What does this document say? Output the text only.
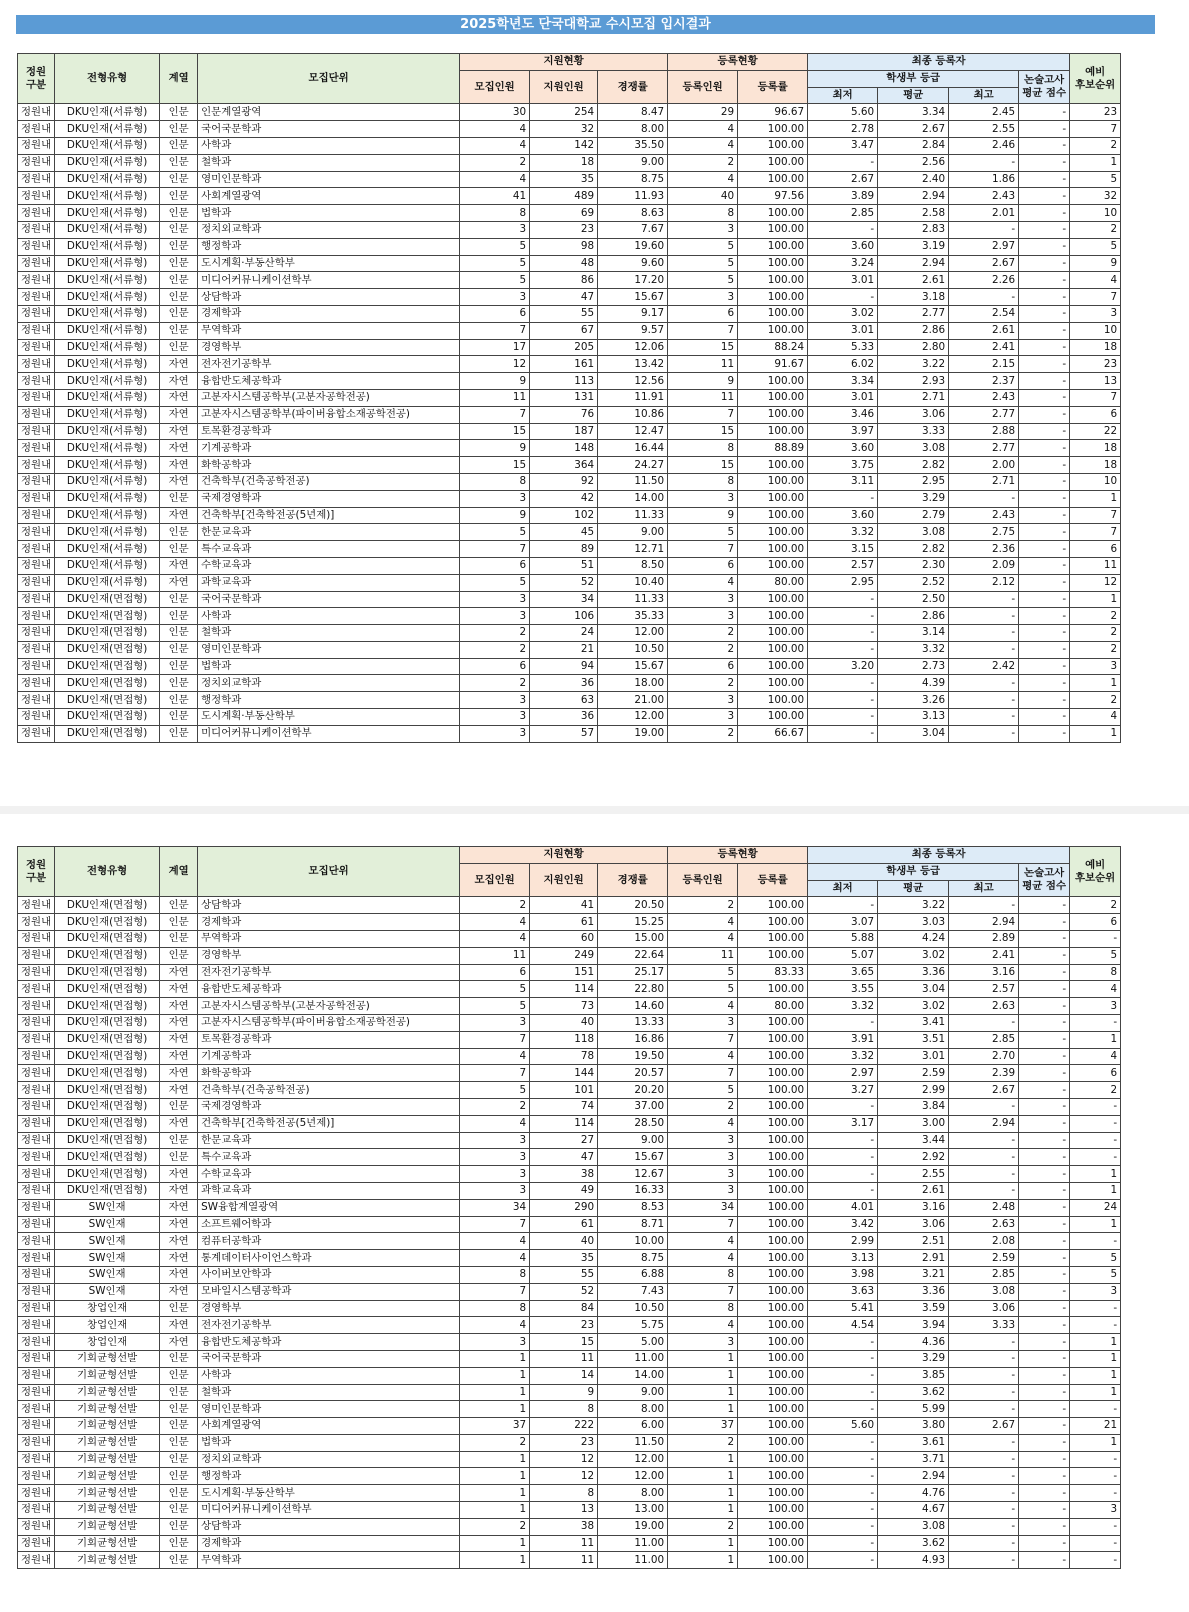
2025학년도 단국대학교 수시모집 입시결과
정원
구분	전형유형	계열	모집단위	지원현황			등록현황		최종 등록자				예비
후보순위
				모집인원	지원인원	경쟁률	등록인원	등록률	학생부 등급			논술고사
평균 점수	
									최저	평균	최고		
정원내	DKU인재(서류형)	인문	인문계열광역	30	254	8.47	29	96.67	5.60	3.34	2.45	-	23
정원내	DKU인재(서류형)	인문	국어국문학과	4	32	8.00	4	100.00	2.78	2.67	2.55	-	7
정원내	DKU인재(서류형)	인문	사학과	4	142	35.50	4	100.00	3.47	2.84	2.46	-	2
정원내	DKU인재(서류형)	인문	철학과	2	18	9.00	2	100.00	-	2.56	-	-	1
정원내	DKU인재(서류형)	인문	영미인문학과	4	35	8.75	4	100.00	2.67	2.40	1.86	-	5
정원내	DKU인재(서류형)	인문	사회계열광역	41	489	11.93	40	97.56	3.89	2.94	2.43	-	32
정원내	DKU인재(서류형)	인문	법학과	8	69	8.63	8	100.00	2.85	2.58	2.01	-	10
정원내	DKU인재(서류형)	인문	정치외교학과	3	23	7.67	3	100.00	-	2.83	-	-	2
정원내	DKU인재(서류형)	인문	행정학과	5	98	19.60	5	100.00	3.60	3.19	2.97	-	5
정원내	DKU인재(서류형)	인문	도시계획·부동산학부	5	48	9.60	5	100.00	3.24	2.94	2.67	-	9
정원내	DKU인재(서류형)	인문	미디어커뮤니케이션학부	5	86	17.20	5	100.00	3.01	2.61	2.26	-	4
정원내	DKU인재(서류형)	인문	상담학과	3	47	15.67	3	100.00	-	3.18	-	-	7
정원내	DKU인재(서류형)	인문	경제학과	6	55	9.17	6	100.00	3.02	2.77	2.54	-	3
정원내	DKU인재(서류형)	인문	무역학과	7	67	9.57	7	100.00	3.01	2.86	2.61	-	10
정원내	DKU인재(서류형)	인문	경영학부	17	205	12.06	15	88.24	5.33	2.80	2.41	-	18
정원내	DKU인재(서류형)	자연	전자전기공학부	12	161	13.42	11	91.67	6.02	3.22	2.15	-	23
정원내	DKU인재(서류형)	자연	융합반도체공학과	9	113	12.56	9	100.00	3.34	2.93	2.37	-	13
정원내	DKU인재(서류형)	자연	고분자시스템공학부(고분자공학전공)	11	131	11.91	11	100.00	3.01	2.71	2.43	-	7
정원내	DKU인재(서류형)	자연	고분자시스템공학부(파이버융합소재공학전공)	7	76	10.86	7	100.00	3.46	3.06	2.77	-	6
정원내	DKU인재(서류형)	자연	토목환경공학과	15	187	12.47	15	100.00	3.97	3.33	2.88	-	22
정원내	DKU인재(서류형)	자연	기계공학과	9	148	16.44	8	88.89	3.60	3.08	2.77	-	18
정원내	DKU인재(서류형)	자연	화학공학과	15	364	24.27	15	100.00	3.75	2.82	2.00	-	18
정원내	DKU인재(서류형)	자연	건축학부(건축공학전공)	8	92	11.50	8	100.00	3.11	2.95	2.71	-	10
정원내	DKU인재(서류형)	인문	국제경영학과	3	42	14.00	3	100.00	-	3.29	-	-	1
정원내	DKU인재(서류형)	자연	건축학부[건축학전공(5년제)]	9	102	11.33	9	100.00	3.60	2.79	2.43	-	7
정원내	DKU인재(서류형)	인문	한문교육과	5	45	9.00	5	100.00	3.32	3.08	2.75	-	7
정원내	DKU인재(서류형)	인문	특수교육과	7	89	12.71	7	100.00	3.15	2.82	2.36	-	6
정원내	DKU인재(서류형)	자연	수학교육과	6	51	8.50	6	100.00	2.57	2.30	2.09	-	11
정원내	DKU인재(서류형)	자연	과학교육과	5	52	10.40	4	80.00	2.95	2.52	2.12	-	12
정원내	DKU인재(면접형)	인문	국어국문학과	3	34	11.33	3	100.00	-	2.50	-	-	1
정원내	DKU인재(면접형)	인문	사학과	3	106	35.33	3	100.00	-	2.86	-	-	2
정원내	DKU인재(면접형)	인문	철학과	2	24	12.00	2	100.00	-	3.14	-	-	2
정원내	DKU인재(면접형)	인문	영미인문학과	2	21	10.50	2	100.00	-	3.32	-	-	2
정원내	DKU인재(면접형)	인문	법학과	6	94	15.67	6	100.00	3.20	2.73	2.42	-	3
정원내	DKU인재(면접형)	인문	정치외교학과	2	36	18.00	2	100.00	-	4.39	-	-	1
정원내	DKU인재(면접형)	인문	행정학과	3	63	21.00	3	100.00	-	3.26	-	-	2
정원내	DKU인재(면접형)	인문	도시계획·부동산학부	3	36	12.00	3	100.00	-	3.13	-	-	4
정원내	DKU인재(면접형)	인문	미디어커뮤니케이션학부	3	57	19.00	2	66.67	-	3.04	-	-	1
정원
구분	전형유형	계열	모집단위	지원현황			등록현황		최종 등록자				예비
후보순위
				모집인원	지원인원	경쟁률	등록인원	등록률	학생부 등급			논술고사
평균 점수	
									최저	평균	최고		
정원내	DKU인재(면접형)	인문	상담학과	2	41	20.50	2	100.00	-	3.22	-	-	2
정원내	DKU인재(면접형)	인문	경제학과	4	61	15.25	4	100.00	3.07	3.03	2.94	-	6
정원내	DKU인재(면접형)	인문	무역학과	4	60	15.00	4	100.00	5.88	4.24	2.89	-	-
정원내	DKU인재(면접형)	인문	경영학부	11	249	22.64	11	100.00	5.07	3.02	2.41	-	5
정원내	DKU인재(면접형)	자연	전자전기공학부	6	151	25.17	5	83.33	3.65	3.36	3.16	-	8
정원내	DKU인재(면접형)	자연	융합반도체공학과	5	114	22.80	5	100.00	3.55	3.04	2.57	-	4
정원내	DKU인재(면접형)	자연	고분자시스템공학부(고분자공학전공)	5	73	14.60	4	80.00	3.32	3.02	2.63	-	3
정원내	DKU인재(면접형)	자연	고분자시스템공학부(파이버융합소재공학전공)	3	40	13.33	3	100.00	-	3.41	-	-	-
정원내	DKU인재(면접형)	자연	토목환경공학과	7	118	16.86	7	100.00	3.91	3.51	2.85	-	1
정원내	DKU인재(면접형)	자연	기계공학과	4	78	19.50	4	100.00	3.32	3.01	2.70	-	4
정원내	DKU인재(면접형)	자연	화학공학과	7	144	20.57	7	100.00	2.97	2.59	2.39	-	6
정원내	DKU인재(면접형)	자연	건축학부(건축공학전공)	5	101	20.20	5	100.00	3.27	2.99	2.67	-	2
정원내	DKU인재(면접형)	인문	국제경영학과	2	74	37.00	2	100.00	-	3.84	-	-	-
정원내	DKU인재(면접형)	자연	건축학부[건축학전공(5년제)]	4	114	28.50	4	100.00	3.17	3.00	2.94	-	-
정원내	DKU인재(면접형)	인문	한문교육과	3	27	9.00	3	100.00	-	3.44	-	-	-
정원내	DKU인재(면접형)	인문	특수교육과	3	47	15.67	3	100.00	-	2.92	-	-	-
정원내	DKU인재(면접형)	자연	수학교육과	3	38	12.67	3	100.00	-	2.55	-	-	1
정원내	DKU인재(면접형)	자연	과학교육과	3	49	16.33	3	100.00	-	2.61	-	-	1
정원내	SW인재	자연	SW융합계열광역	34	290	8.53	34	100.00	4.01	3.16	2.48	-	24
정원내	SW인재	자연	소프트웨어학과	7	61	8.71	7	100.00	3.42	3.06	2.63	-	1
정원내	SW인재	자연	컴퓨터공학과	4	40	10.00	4	100.00	2.99	2.51	2.08	-	-
정원내	SW인재	자연	통계데이터사이언스학과	4	35	8.75	4	100.00	3.13	2.91	2.59	-	5
정원내	SW인재	자연	사이버보안학과	8	55	6.88	8	100.00	3.98	3.21	2.85	-	5
정원내	SW인재	자연	모바일시스템공학과	7	52	7.43	7	100.00	3.63	3.36	3.08	-	3
정원내	창업인재	인문	경영학부	8	84	10.50	8	100.00	5.41	3.59	3.06	-	-
정원내	창업인재	자연	전자전기공학부	4	23	5.75	4	100.00	4.54	3.94	3.33	-	-
정원내	창업인재	자연	융합반도체공학과	3	15	5.00	3	100.00	-	4.36	-	-	1
정원내	기회균형선발	인문	국어국문학과	1	11	11.00	1	100.00	-	3.29	-	-	1
정원내	기회균형선발	인문	사학과	1	14	14.00	1	100.00	-	3.85	-	-	1
정원내	기회균형선발	인문	철학과	1	9	9.00	1	100.00	-	3.62	-	-	1
정원내	기회균형선발	인문	영미인문학과	1	8	8.00	1	100.00	-	5.99	-	-	-
정원내	기회균형선발	인문	사회계열광역	37	222	6.00	37	100.00	5.60	3.80	2.67	-	21
정원내	기회균형선발	인문	법학과	2	23	11.50	2	100.00	-	3.61	-	-	1
정원내	기회균형선발	인문	정치외교학과	1	12	12.00	1	100.00	-	3.71	-	-	-
정원내	기회균형선발	인문	행정학과	1	12	12.00	1	100.00	-	2.94	-	-	-
정원내	기회균형선발	인문	도시계획·부동산학부	1	8	8.00	1	100.00	-	4.76	-	-	-
정원내	기회균형선발	인문	미디어커뮤니케이션학부	1	13	13.00	1	100.00	-	4.67	-	-	3
정원내	기회균형선발	인문	상담학과	2	38	19.00	2	100.00	-	3.08	-	-	-
정원내	기회균형선발	인문	경제학과	1	11	11.00	1	100.00	-	3.62	-	-	-
정원내	기회균형선발	인문	무역학과	1	11	11.00	1	100.00	-	4.93	-	-	-
